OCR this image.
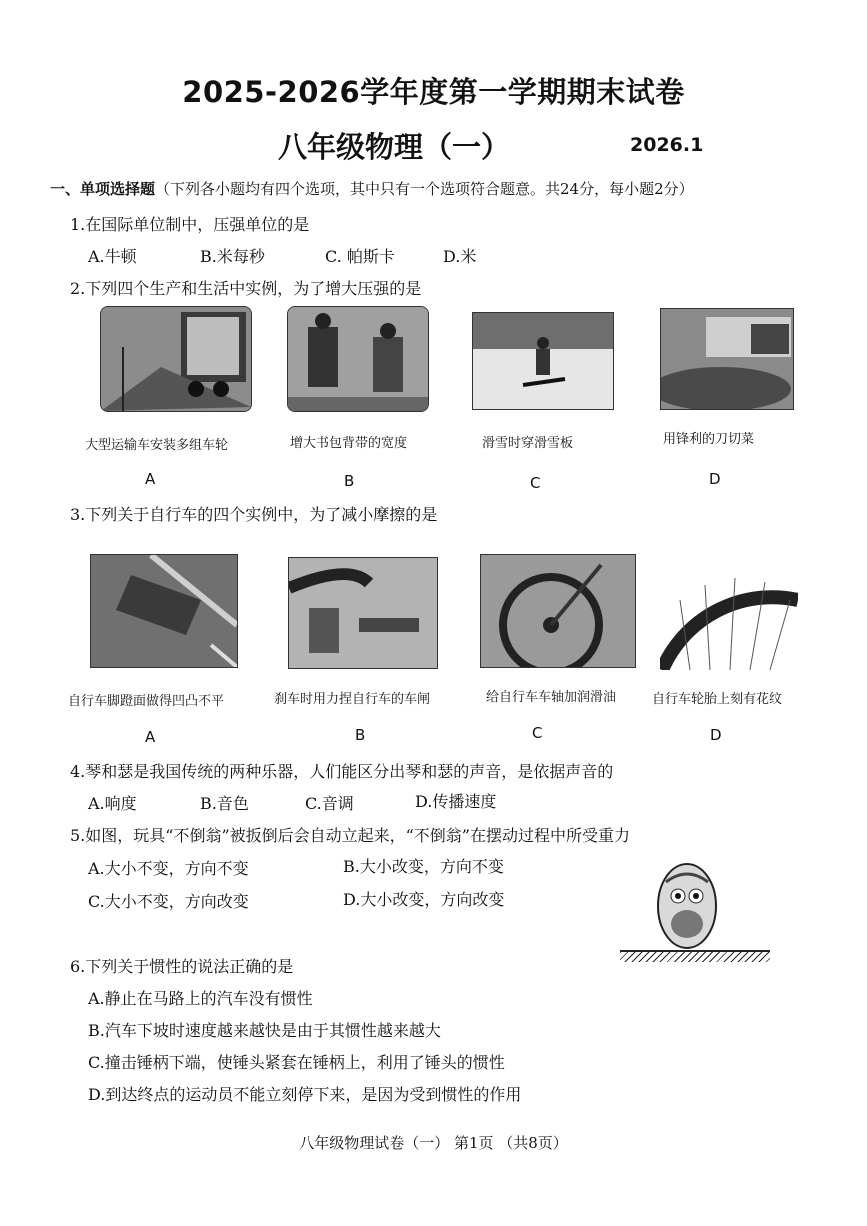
2025-2026学年度第一学期期末试卷
八年级物理（一）	2026.1
一、单项选择题（下列各小题均有四个选项，其中只有一个选项符合题意。共24分，每小题2分）
1.在国际单位制中，压强单位的是
A.牛顿	B.米每秒	C. 帕斯卡	D.米
2.下列四个生产和生活中实例，为了增大压强的是
大型运输车安装多组车轮	增大书包背带的宽度	滑雪时穿滑雪板	用锋利的刀切菜
A	B	C	D
3.下列关于自行车的四个实例中，为了减小摩擦的是
自行车脚蹬面做得凹凸不平	刹车时用力捏自行车的车闸	给自行车车轴加润滑油	自行车轮胎上刻有花纹
A	B	C	D
4.琴和瑟是我国传统的两种乐器，人们能区分出琴和瑟的声音，是依据声音的
A.响度	B.音色	C.音调	D.传播速度
5.如图，玩具“不倒翁”被扳倒后会自动立起来，“不倒翁”在摆动过程中所受重力
A.大小不变，方向不变	B.大小改变，方向不变
C.大小不变，方向改变	D.大小改变，方向改变
6.下列关于惯性的说法正确的是
A.静止在马路上的汽车没有惯性
B.汽车下坡时速度越来越快是由于其惯性越来越大
C.撞击锤柄下端，使锤头紧套在锤柄上，利用了锤头的惯性
D.到达终点的运动员不能立刻停下来，是因为受到惯性的作用
八年级物理试卷（一） 第1页 （共8页）
